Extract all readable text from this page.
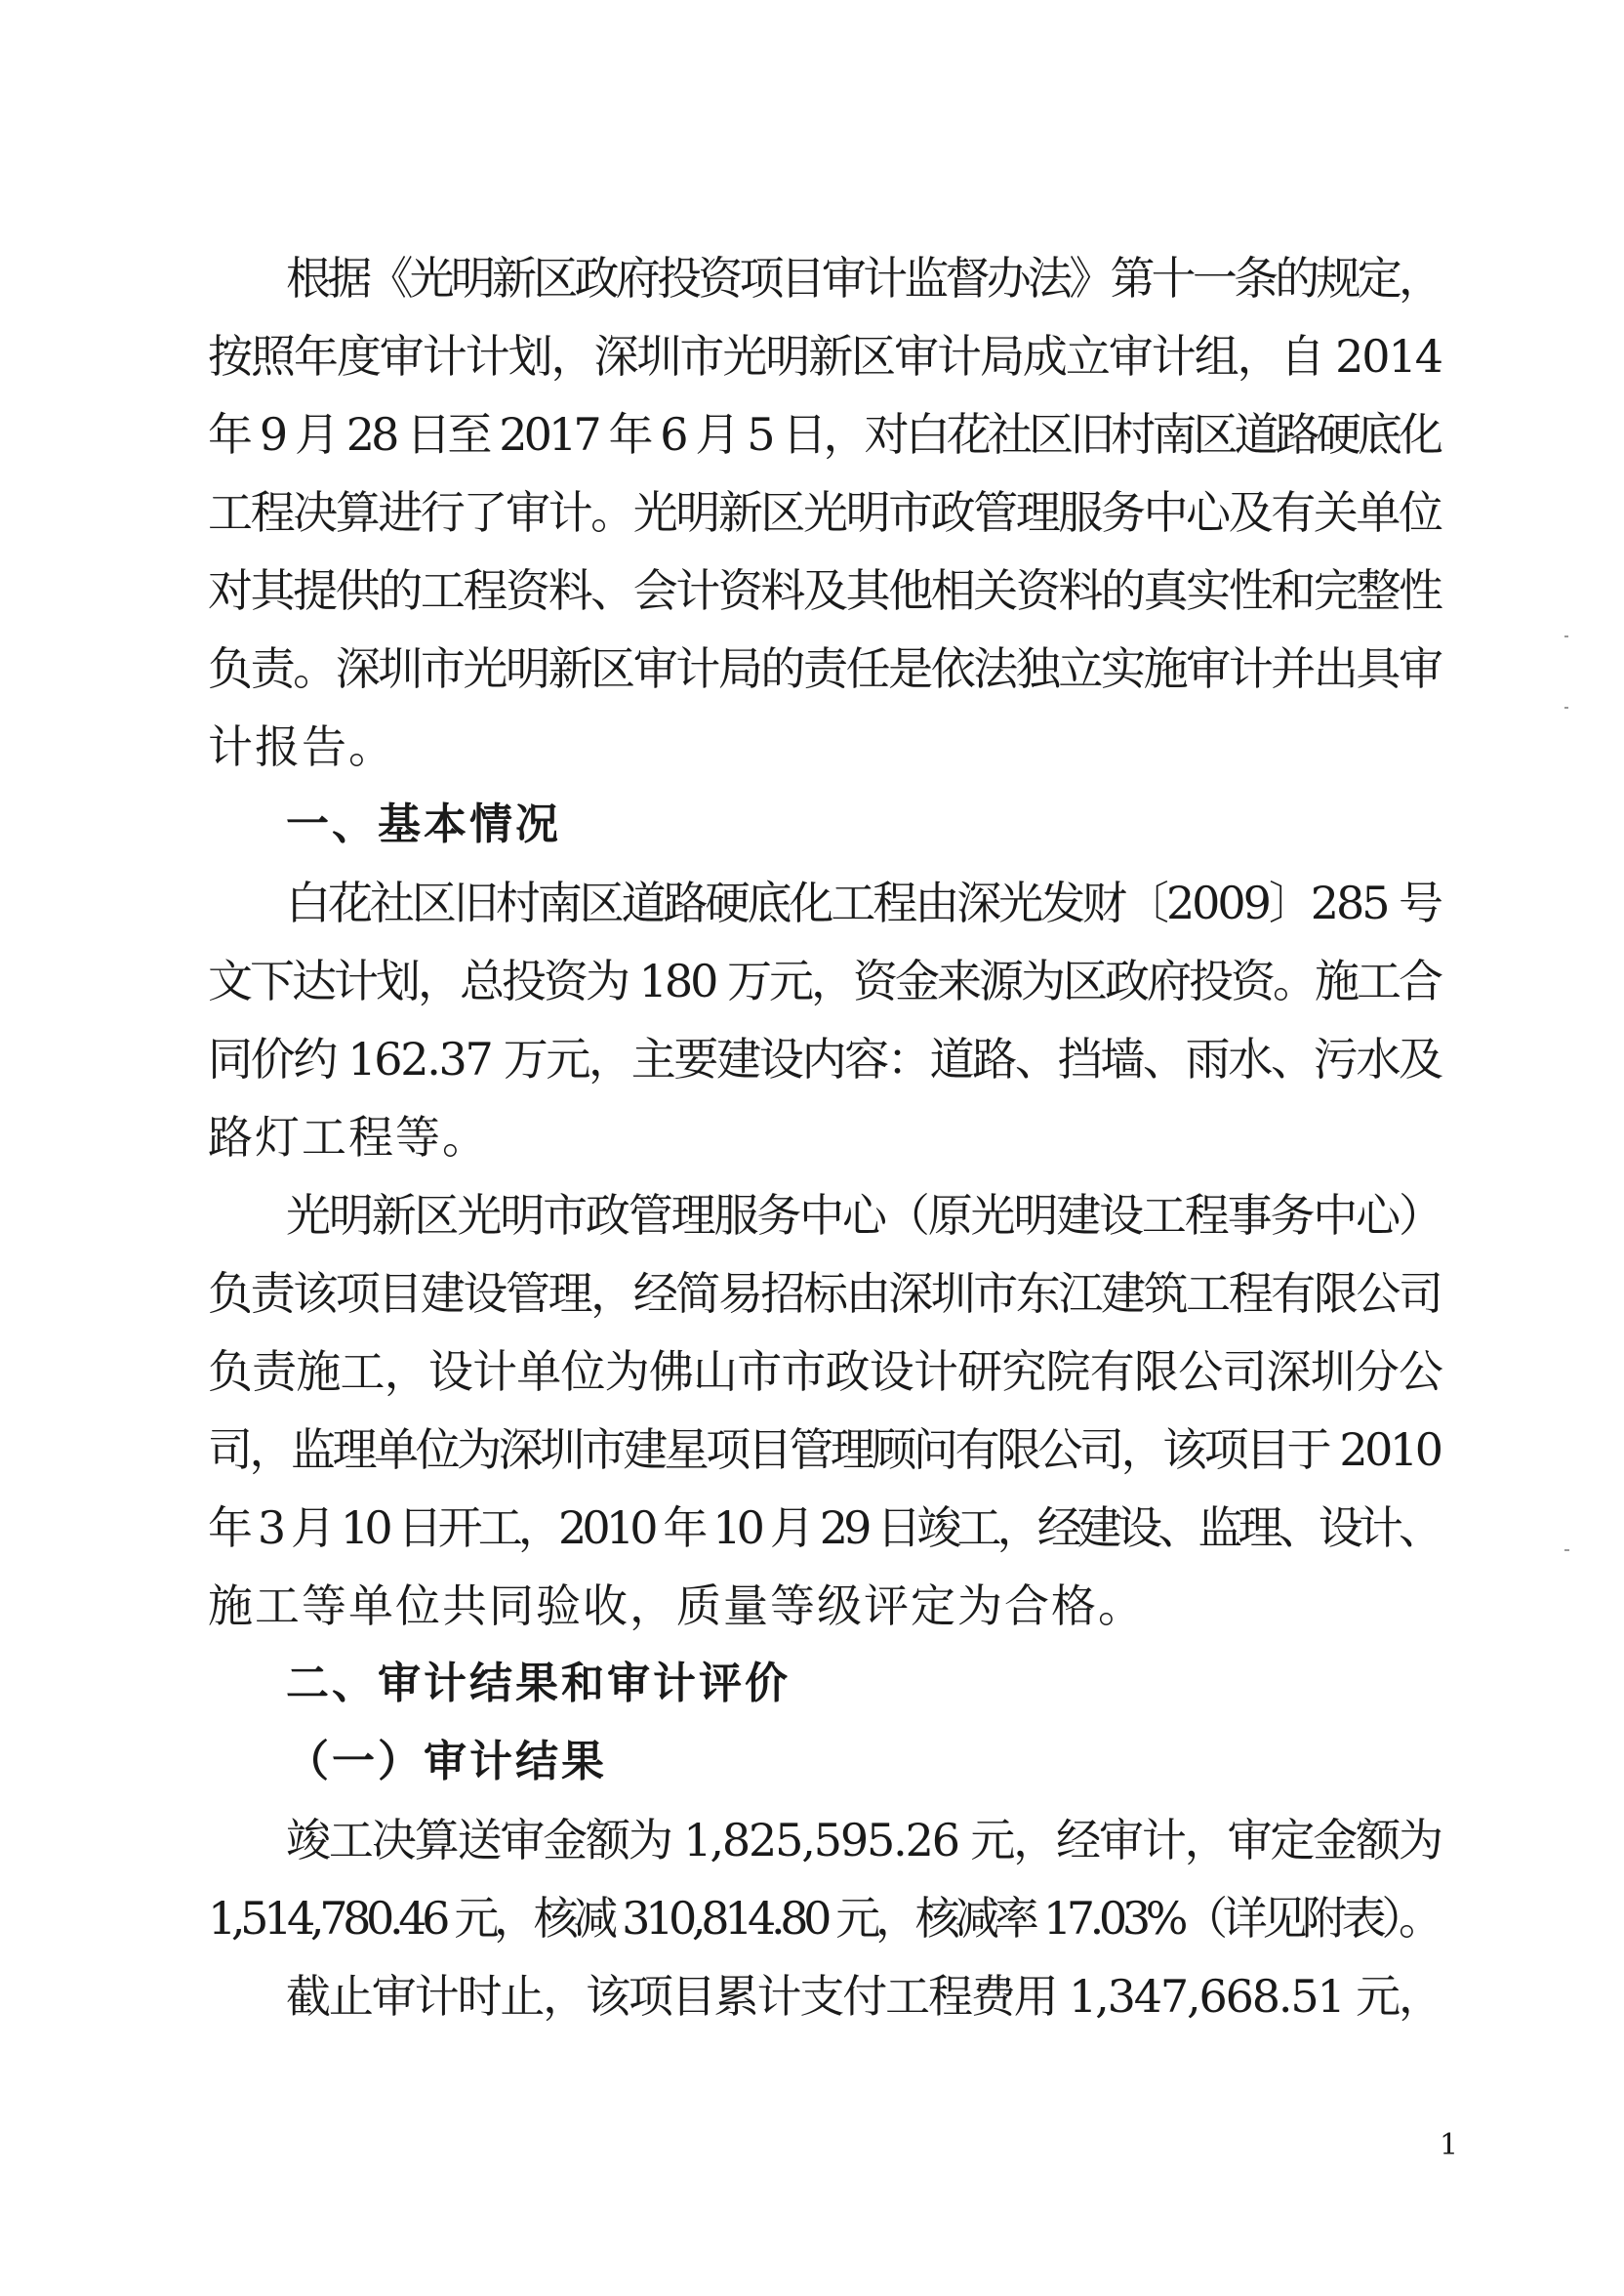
根据《光明新区政府投资项目审计监督办法》第十一条的规定，
按照年度审计计划，深圳市光明新区审计局成立审计组，自 2014
年 9 月 28 日至 2017 年 6 月 5 日，对白花社区旧村南区道路硬底化
工程决算进行了审计。光明新区光明市政管理服务中心及有关单位
对其提供的工程资料、会计资料及其他相关资料的真实性和完整性
负责。深圳市光明新区审计局的责任是依法独立实施审计并出具审
计报告。
一、基本情况
白花社区旧村南区道路硬底化工程由深光发财〔2009〕285 号
文下达计划，总投资为 180 万元，资金来源为区政府投资。施工合
同价约 162.37 万元，主要建设内容：道路、挡墙、雨水、污水及
路灯工程等。
光明新区光明市政管理服务中心（原光明建设工程事务中心）
负责该项目建设管理，经简易招标由深圳市东江建筑工程有限公司
负责施工，设计单位为佛山市市政设计研究院有限公司深圳分公
司，监理单位为深圳市建星项目管理顾问有限公司，该项目于 2010
年 3 月 10 日开工，2010 年 10 月 29 日竣工，经建设、监理、设计、
施工等单位共同验收，质量等级评定为合格。
二、审计结果和审计评价
（一）审计结果
竣工决算送审金额为 1,825,595.26 元，经审计，审定金额为
1,514,780.46 元，核减 310,814.80 元，核减率 17.03%（详见附表）。
截止审计时止，该项目累计支付工程费用 1,347,668.51 元，
1
